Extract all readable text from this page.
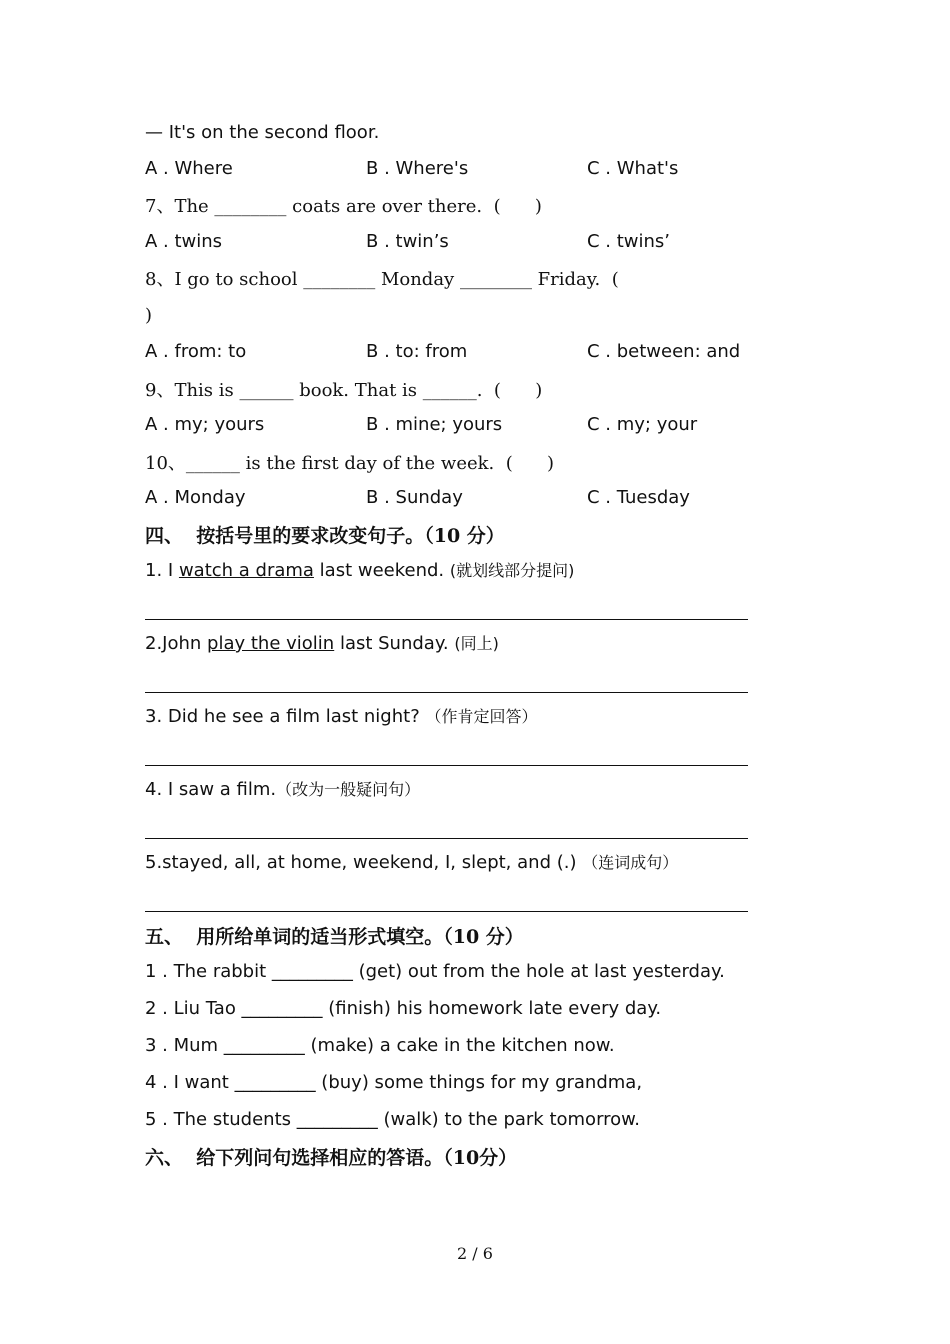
— It's on the second floor.
A . Where	B . Where's	C . What's
7、The ________ coats are over there.  (      )
A . twins	B . twin’s	C . twins’
8、I go to school ________ Monday ________ Friday.  (
)
A . from: to	B . to: from	C . between: and
9、This is ______ book. That is ______.  (      )
A . my; yours	B . mine; yours	C . my; your
10、______ is the first day of the week.  (      )
A . Monday	B . Sunday	C . Tuesday
四、  按括号里的要求改变句子。（10 分）
1. I watch a drama last weekend. (就划线部分提问)
2.John play the violin last Sunday. (同上)
3. Did he see a film last night? （作肯定回答）
4. I saw a film.（改为一般疑问句）
5.stayed, all, at home, weekend, I, slept, and (.) （连词成句）
五、  用所给单词的适当形式填空。（10 分）
1 . The rabbit _________ (get) out from the hole at last yesterday.
2 . Liu Tao _________ (finish) his homework late every day.
3 . Mum _________ (make) a cake in the kitchen now.
4 . I want _________ (buy) some things for my grandma,
5 . The students _________ (walk) to the park tomorrow.
六、  给下列问句选择相应的答语。（10分）
2 / 6
